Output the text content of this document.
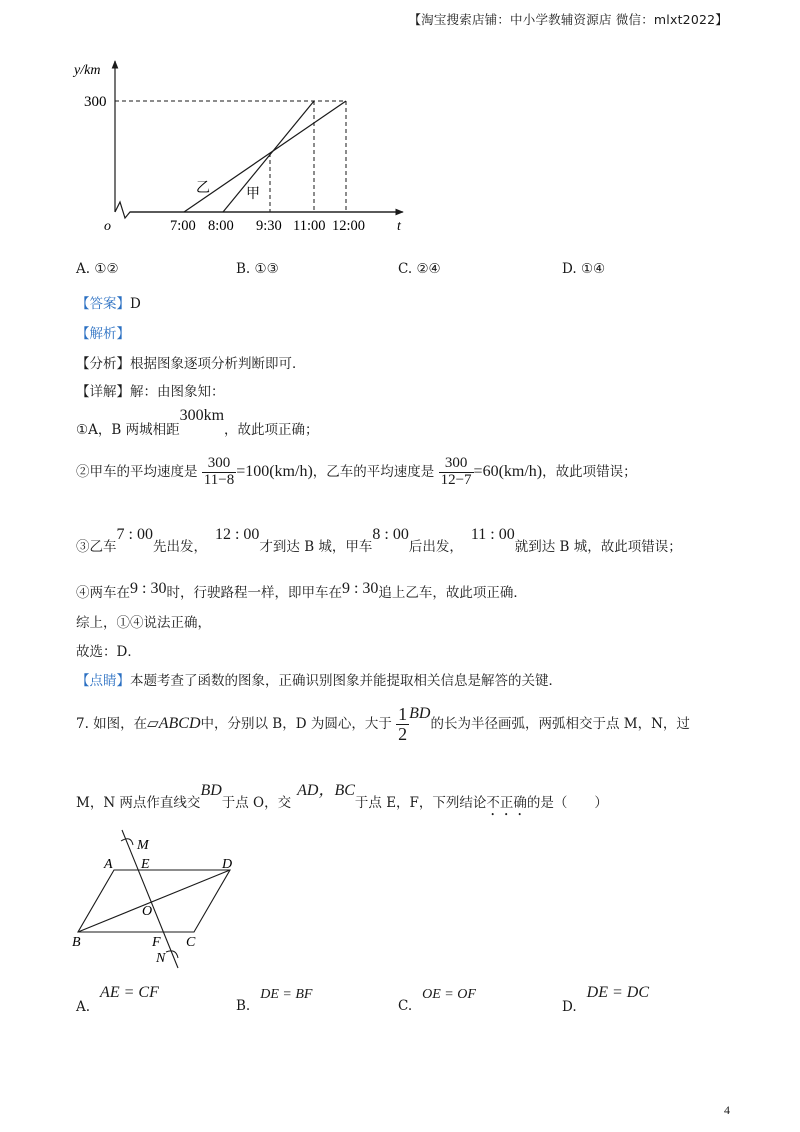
【淘宝搜索店铺：中小学教辅资源店 微信：mlxt2022】
y/km
300
o	t
7:00 8:00 9:30 11:00 12:00
乙	甲
A. ①②	B. ①③	C. ②④	D. ①④
【答案】D
【解析】
【分析】根据图象逐项分析判断即可．
【详解】解：由图象知：
①A，B 两城相距300km，故此项正确；
②甲车的平均速度是 $\frac{300}{11-8} =100(km/h)$，乙车的平均速度是 $\frac{300}{12-7} =60(km/h)$，故此项错误；
③乙车7 : 00先出发，12 : 00才到达 B 城，甲车8 : 00后出发，11 : 00就到达 B 城，故此项错误；
④两车在9 : 30时，行驶路程一样，即甲车在9 : 30追上乙车，故此项正确．
综上，①④说法正确，
故选：D．
【点睛】本题考查了函数的图象，正确识别图象并能提取相关信息是解答的关键．
7. 如图，在▱ABCD中，分别以 B，D 为圆心，大于 $\frac{1}{2}$ BD的长为半径画弧，两弧相交于点 M，N，过
M，N 两点作直线交BD于点 O，交AD，BC于点 E，F，下列结论不正确的是（　　）
A E	D
M
O
B	F C
N
A.AE = CF
B.DE = BF
C.OE = OF
D.DE = DC
4
